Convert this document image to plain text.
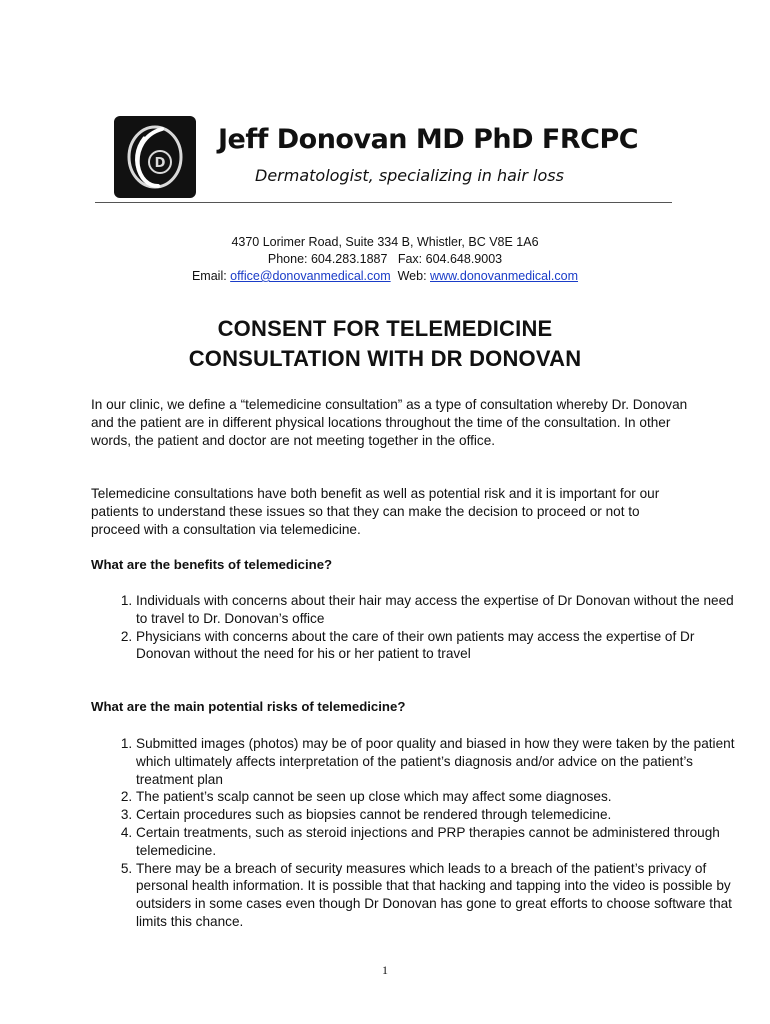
D
Jeff Donovan MD PhD FRCPC
Dermatologist, specializing in hair loss
4370 Lorimer Road, Suite 334 B, Whistler, BC V8E 1A6
Phone: 604.283.1887   Fax: 604.648.9003
Email: office@donovanmedical.com  Web: www.donovanmedical.com
CONSENT FOR TELEMEDICINE
CONSULTATION WITH DR DONOVAN
In our clinic, we define a “telemedicine consultation” as a type of consultation whereby Dr. Donovan and the patient are in different physical locations throughout the time of the consultation. In other words, the patient and doctor are not meeting together in the office.
Telemedicine consultations have both benefit as well as potential risk and it is important for our patients to understand these issues so that they can make the decision to proceed or not to proceed with a consultation via telemedicine.
What are the benefits of telemedicine?
1. Individuals with concerns about their hair may access the expertise of Dr Donovan without the need to travel to Dr. Donovan’s office
2. Physicians with concerns about the care of their own patients may access the expertise of Dr Donovan without the need for his or her patient to travel
What are the main potential risks of telemedicine?
1. Submitted images (photos) may be of poor quality and biased in how they were taken by the patient which ultimately affects interpretation of the patient’s diagnosis and/or advice on the patient’s treatment plan
2. The patient’s scalp cannot be seen up close which may affect some diagnoses.
3. Certain procedures such as biopsies cannot be rendered through telemedicine.
4. Certain treatments, such as steroid injections and PRP therapies cannot be administered through telemedicine.
5. There may be a breach of security measures which leads to a breach of the patient’s privacy of personal health information. It is possible that that hacking and tapping into the video is possible by outsiders in some cases even though Dr Donovan has gone to great efforts to choose software that limits this chance.
1
